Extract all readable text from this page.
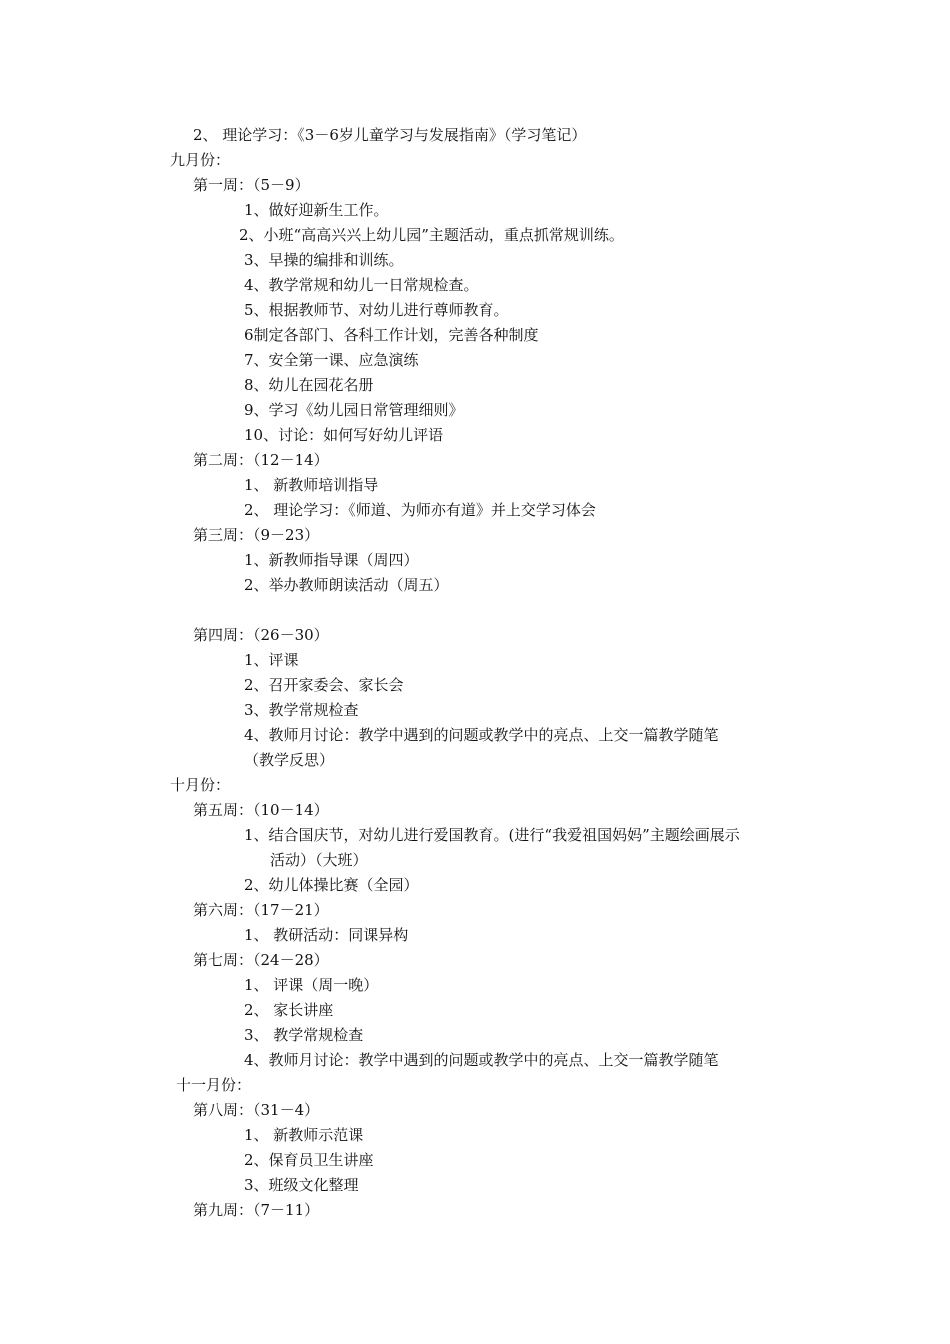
2、 理论学习：《3－6岁儿童学习与发展指南》（学习笔记）
九月份：
第一周：（5－9）
1、做好迎新生工作。
2、小班“高高兴兴上幼儿园”主题活动，重点抓常规训练。
3、早操的编排和训练。
4、教学常规和幼儿一日常规检查。
5、根据教师节、对幼儿进行尊师教育。
6制定各部门、各科工作计划，完善各种制度
7、安全第一课、应急演练
8、幼儿在园花名册
9、学习《幼儿园日常管理细则》
10、讨论：如何写好幼儿评语
第二周：（12－14）
1、 新教师培训指导
2、 理论学习：《师道、为师亦有道》并上交学习体会
第三周：（9－23）
1、新教师指导课（周四）
2、举办教师朗读活动（周五）
第四周：（26－30）
1、评课
2、召开家委会、家长会
3、教学常规检查
4、教师月讨论：教学中遇到的问题或教学中的亮点、上交一篇教学随笔
（教学反思）
十月份：
第五周：（10－14）
1、结合国庆节，对幼儿进行爱国教育。(进行“我爱祖国妈妈”主题绘画展示
活动）（大班）
2、幼儿体操比赛（全园）
第六周：（17－21）
1、 教研活动：同课异构
第七周：（24－28）
1、 评课（周一晚）
2、 家长讲座
3、 教学常规检查
4、教师月讨论：教学中遇到的问题或教学中的亮点、上交一篇教学随笔
十一月份：
第八周：（31－4）
1、 新教师示范课
2、保育员卫生讲座
3、班级文化整理
第九周：（7－11）
